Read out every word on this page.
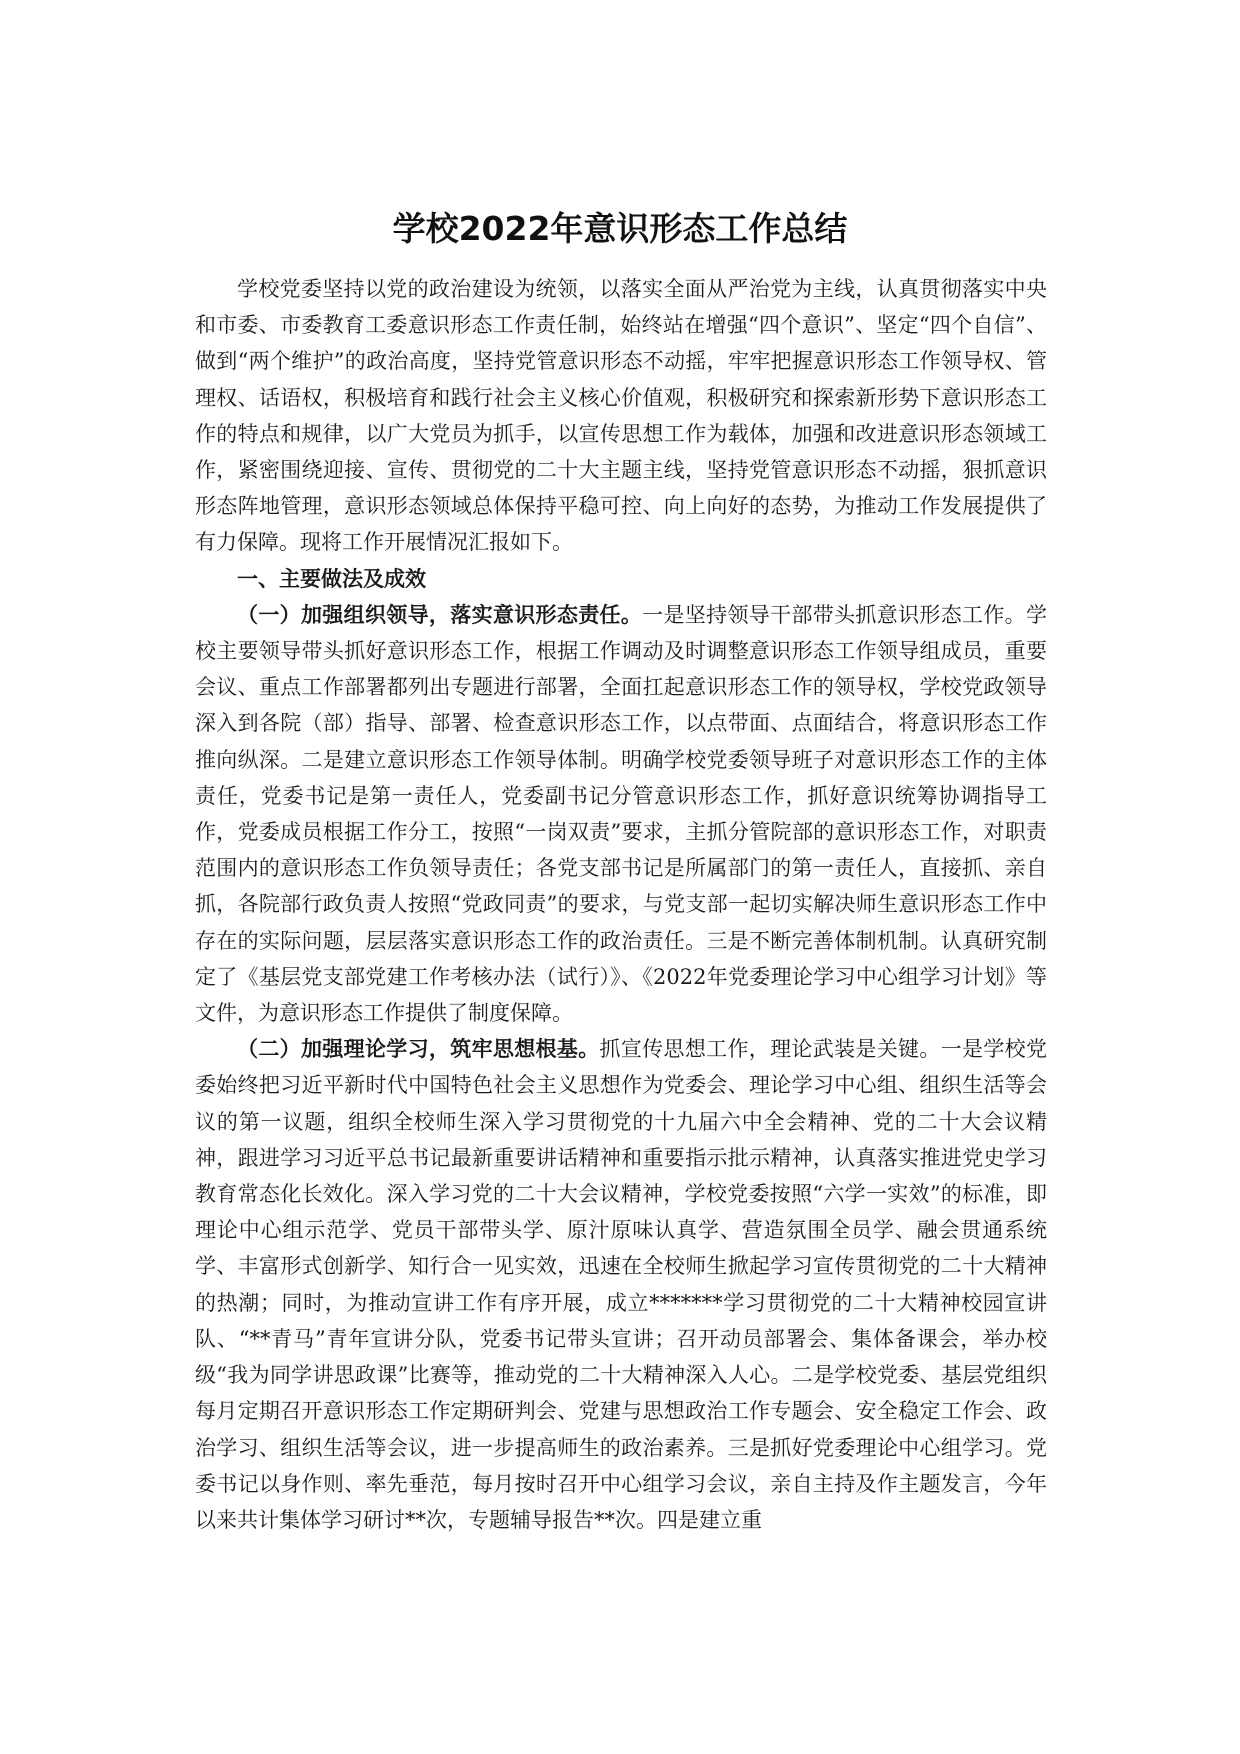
学校2022年意识形态工作总结

学校党委坚持以党的政治建设为统领，以落实全面从严治党为主线，认真贯彻落实中央和市委、市委教育工委意识形态工作责任制，始终站在增强“四个意识”、坚定“四个自信”、做到“两个维护”的政治高度，坚持党管意识形态不动摇，牢牢把握意识形态工作领导权、管理权、话语权，积极培育和践行社会主义核心价值观，积极研究和探索新形势下意识形态工作的特点和规律，以广大党员为抓手，以宣传思想工作为载体，加强和改进意识形态领域工作，紧密围绕迎接、宣传、贯彻党的二十大主题主线，坚持党管意识形态不动摇，狠抓意识形态阵地管理，意识形态领域总体保持平稳可控、向上向好的态势，为推动工作发展提供了有力保障。现将工作开展情况汇报如下。

一、主要做法及成效

（一）加强组织领导，落实意识形态责任。一是坚持领导干部带头抓意识形态工作。学校主要领导带头抓好意识形态工作，根据工作调动及时调整意识形态工作领导组成员，重要会议、重点工作部署都列出专题进行部署，全面扛起意识形态工作的领导权，学校党政领导深入到各院（部）指导、部署、检查意识形态工作，以点带面、点面结合，将意识形态工作推向纵深。二是建立意识形态工作领导体制。明确学校党委领导班子对意识形态工作的主体责任，党委书记是第一责任人，党委副书记分管意识形态工作，抓好意识统筹协调指导工作，党委成员根据工作分工，按照“一岗双责”要求，主抓分管院部的意识形态工作，对职责范围内的意识形态工作负领导责任；各党支部书记是所属部门的第一责任人，直接抓、亲自抓，各院部行政负责人按照“党政同责”的要求，与党支部一起切实解决师生意识形态工作中存在的实际问题，层层落实意识形态工作的政治责任。三是不断完善体制机制。认真研究制定了《基层党支部党建工作考核办法（试行）》、《2022年党委理论学习中心组学习计划》等文件，为意识形态工作提供了制度保障。

（二）加强理论学习，筑牢思想根基。抓宣传思想工作，理论武装是关键。一是学校党委始终把习近平新时代中国特色社会主义思想作为党委会、理论学习中心组、组织生活等会议的第一议题，组织全校师生深入学习贯彻党的十九届六中全会精神、党的二十大会议精神，跟进学习习近平总书记最新重要讲话精神和重要指示批示精神，认真落实推进党史学习教育常态化长效化。深入学习党的二十大会议精神，学校党委按照“六学一实效”的标准，即理论中心组示范学、党员干部带头学、原汁原味认真学、营造氛围全员学、融会贯通系统学、丰富形式创新学、知行合一见实效，迅速在全校师生掀起学习宣传贯彻党的二十大精神的热潮；同时，为推动宣讲工作有序开展，成立*******学习贯彻党的二十大精神校园宣讲队、“**青马”青年宣讲分队，党委书记带头宣讲；召开动员部署会、集体备课会，举办校级“我为同学讲思政课”比赛等，推动党的二十大精神深入人心。二是学校党委、基层党组织每月定期召开意识形态工作定期研判会、党建与思想政治工作专题会、安全稳定工作会、政治学习、组织生活等会议，进一步提高师生的政治素养。三是抓好党委理论中心组学习。党委书记以身作则、率先垂范，每月按时召开中心组学习会议，亲自主持及作主题发言，今年以来共计集体学习研讨**次，专题辅导报告**次。四是建立重
